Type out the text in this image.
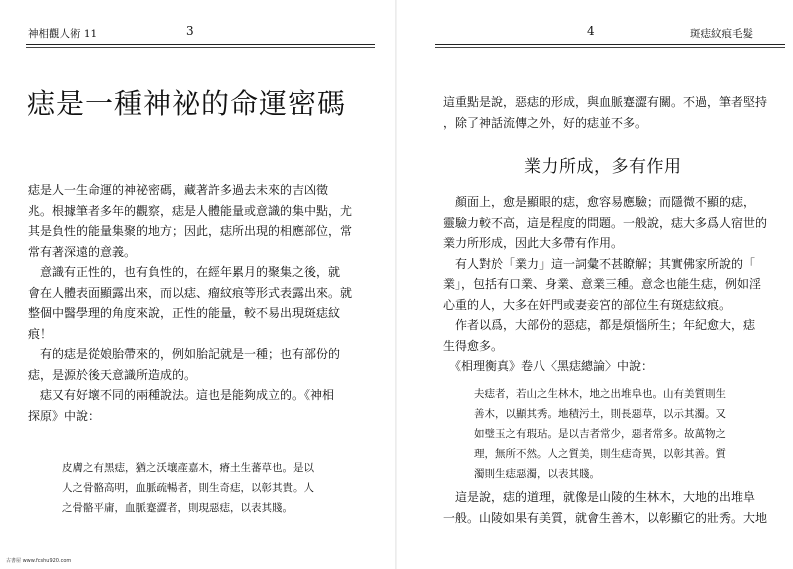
神相觀人術 11	3
痣是一種神祕的命運密碼

痣是人一生命運的神祕密碼，藏著許多過去未來的吉凶徵

兆。根據筆者多年的觀察，痣是人體能量或意識的集中點，尤

其是負性的能量集聚的地方；因此，痣所出現的相應部位，常

常有著深遠的意義。

　意識有正性的，也有負性的，在經年累月的聚集之後，就

會在人體表面顯露出來，而以痣、瘤紋痕等形式表露出來。就

整個中醫學理的角度來說，正性的能量，較不易出現斑痣紋

痕！

　有的痣是從娘胎帶來的，例如胎記就是一種；也有部份的

痣，是源於後天意識所造成的。

　痣又有好壞不同的兩種說法。這也是能夠成立的。《神相

探原》中說：

皮膚之有黑痣，猶之沃壤產嘉木，瘠土生蕃草也。是以

人之骨骼高明，血脈疏暢者，則生奇痣，以彰其貴。人

之骨骼平庸，血脈蹇澀者，則現惡痣，以表其賤。

4	斑痣紋痕毛髮

這重點是說，惡痣的形成，與血脈蹇澀有關。不過，筆者堅持

，除了神話流傳之外，好的痣並不多。

業力所成，多有作用

　顏面上，愈是顯眼的痣，愈容易應驗；而隱微不顯的痣，

靈驗力較不高，這是程度的問題。一般說，痣大多爲人宿世的

業力所形成，因此大多帶有作用。

　有人對於「業力」這一詞彙不甚瞭解；其實佛家所說的「

業」，包括有口業、身業、意業三種。意念也能生痣，例如淫

心重的人，大多在奸門或妻妾宮的部位生有斑痣紋痕。

　作者以爲，大部份的惡痣，都是煩惱所生；年紀愈大，痣

生得愈多。

　《相理衡真》卷八〈黑痣總論〉中說：

夫痣者，若山之生林木，地之出堆阜也。山有美質則生

善木，以顯其秀。地積污土，則長惡草，以示其濁。又

如璧玉之有瑕玷。是以吉者常少，惡者常多。故萬物之

理，無所不然。人之質美，則生痣奇異，以彰其善。質

濁則生痣惡濁，以表其賤。

　這是說，痣的道理，就像是山陵的生林木，大地的出堆阜

一般。山陵如果有美質，就會生善木，以彰顯它的壯秀。大地

古書屋 www.fcshu920.com
